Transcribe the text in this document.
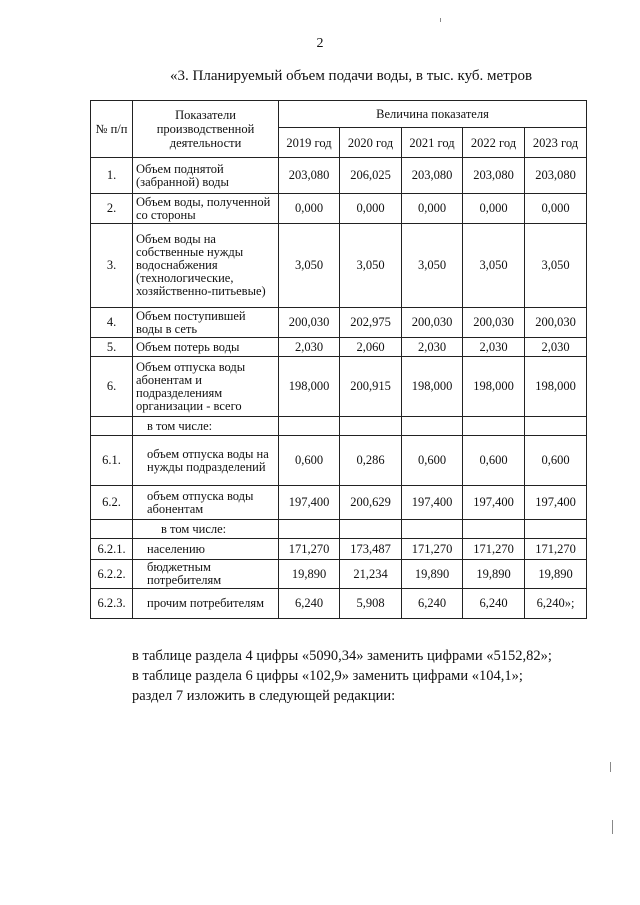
2
«3. Планируемый объем подачи воды, в тыс. куб. метров
№ п/п	Показатели производственной деятельности	Величина показателя				
		2019 год	2020 год	2021 год	2022 год	2023 год
1.	Объем поднятой (забранной) воды	203,080	206,025	203,080	203,080	203,080
2.	Объем воды, полученной со стороны	0,000	0,000	0,000	0,000	0,000
3.	Объем воды на собственные нужды водоснабжения (технологические, хозяйственно-питьевые)	3,050	3,050	3,050	3,050	3,050
4.	Объем поступившей воды в сеть	200,030	202,975	200,030	200,030	200,030
5.	Объем потерь воды	2,030	2,060	2,030	2,030	2,030
6.	Объем отпуска воды абонентам и подразделениям организации - всего	198,000	200,915	198,000	198,000	198,000
	в том числе:					
6.1.	объем отпуска воды на нужды подразделений	0,600	0,286	0,600	0,600	0,600
6.2.	объем отпуска воды абонентам	197,400	200,629	197,400	197,400	197,400
	в том числе:					
6.2.1.	населению	171,270	173,487	171,270	171,270	171,270
6.2.2.	бюджетным потребителям	19,890	21,234	19,890	19,890	19,890
6.2.3.	прочим потребителям	6,240	5,908	6,240	6,240	6,240»;
в таблице раздела 4 цифры «5090,34» заменить цифрами «5152,82»;
в таблице раздела 6 цифры «102,9» заменить цифрами «104,1»;
раздел 7 изложить в следующей редакции:
